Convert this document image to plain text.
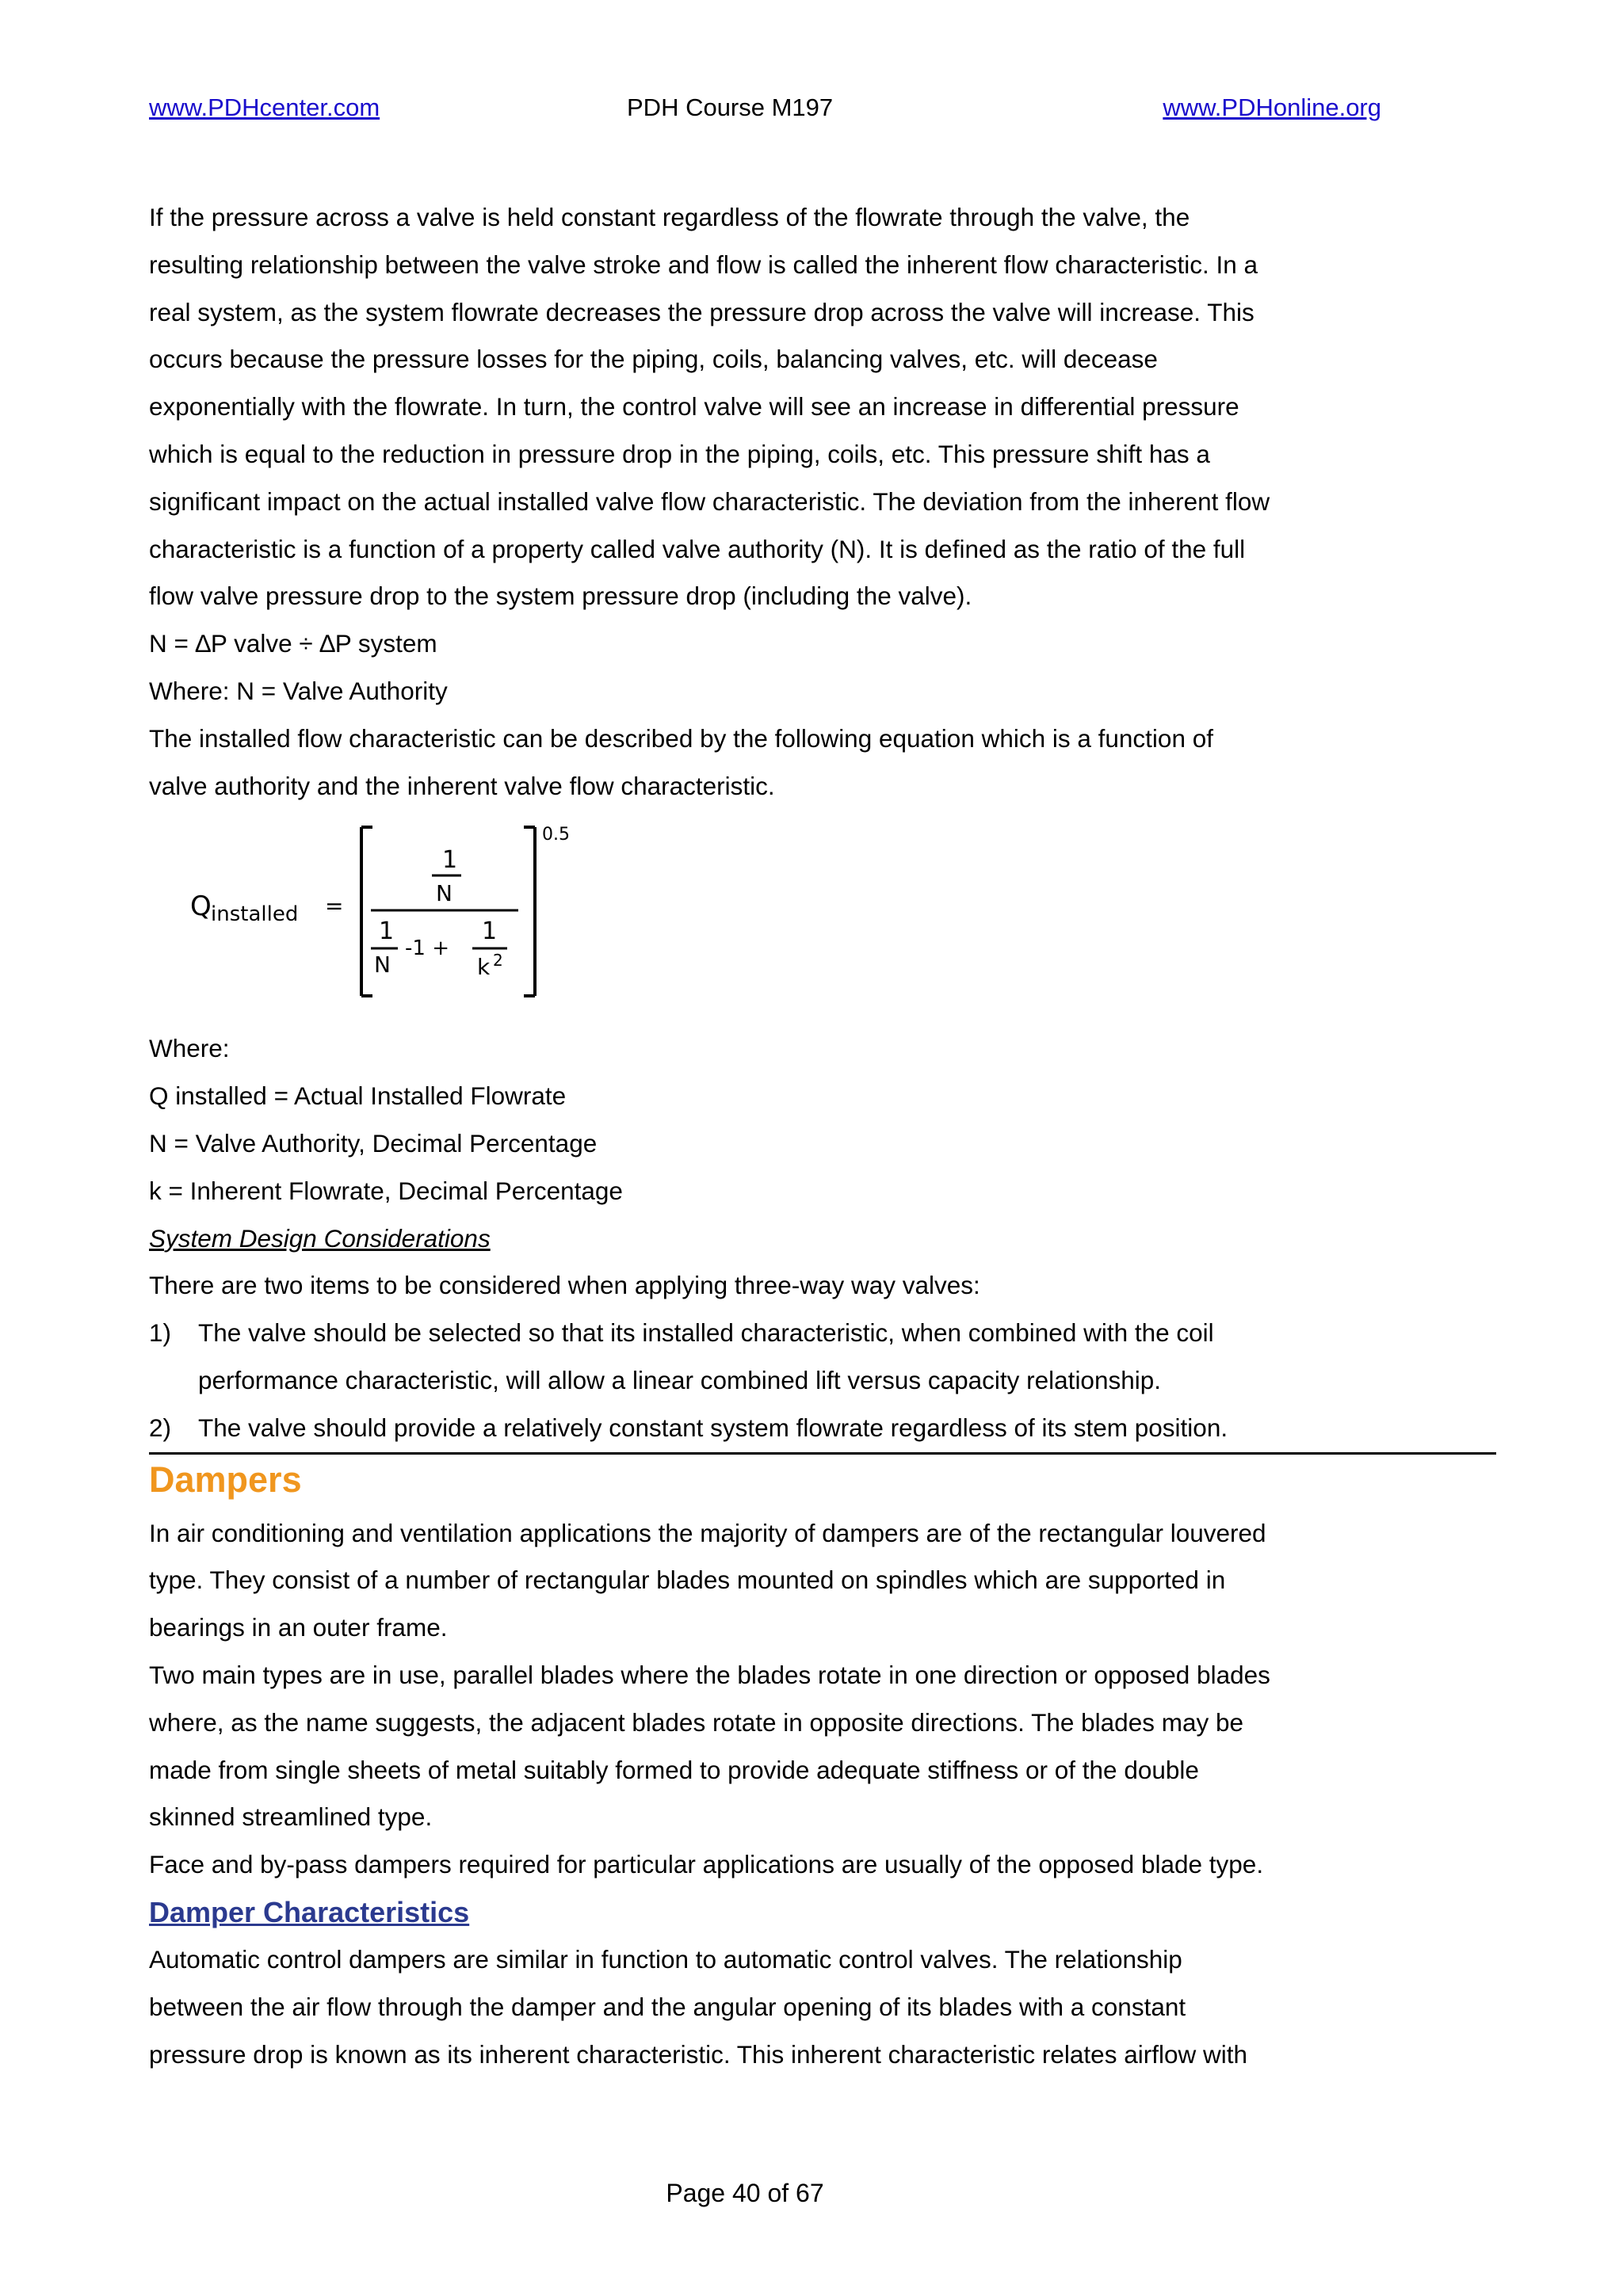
www.PDHcenter.com	PDH Course M197	www.PDHonline.org

If the pressure across a valve is held constant regardless of the flowrate through the valve, the

resulting relationship between the valve stroke and flow is called the inherent flow characteristic. In a

real system, as the system flowrate decreases the pressure drop across the valve will increase. This

occurs because the pressure losses for the piping, coils, balancing valves, etc. will decease

exponentially with the flowrate. In turn, the control valve will see an increase in differential pressure

which is equal to the reduction in pressure drop in the piping, coils, etc. This pressure shift has a

significant impact on the actual installed valve flow characteristic. The deviation from the inherent flow

characteristic is a function of a property called valve authority (N). It is defined as the ratio of the full

flow valve pressure drop to the system pressure drop (including the valve).

N = ∆P valve ÷ ∆P system

Where: N = Valve Authority

The installed flow characteristic can be described by the following equation which is a function of

valve authority and the inherent valve flow characteristic.

Q installed =
1
N
1
N
-1 +
1
k 2
0.5

Where:

Q installed = Actual Installed Flowrate

N = Valve Authority, Decimal Percentage

k = Inherent Flowrate, Decimal Percentage

System Design Considerations

There are two items to be considered when applying three-way way valves:

1) The valve should be selected so that its installed characteristic, when combined with the coil
performance characteristic, will allow a linear combined lift versus capacity relationship.
2) The valve should provide a relatively constant system flowrate regardless of its stem position.
Dampers

In air conditioning and ventilation applications the majority of dampers are of the rectangular louvered

type. They consist of a number of rectangular blades mounted on spindles which are supported in

bearings in an outer frame.

Two main types are in use, parallel blades where the blades rotate in one direction or opposed blades

where, as the name suggests, the adjacent blades rotate in opposite directions. The blades may be

made from single sheets of metal suitably formed to provide adequate stiffness or of the double

skinned streamlined type.

Face and by-pass dampers required for particular applications are usually of the opposed blade type.

Damper Characteristics

Automatic control dampers are similar in function to automatic control valves. The relationship

between the air flow through the damper and the angular opening of its blades with a constant

pressure drop is known as its inherent characteristic. This inherent characteristic relates airflow with

Page 40 of 67
